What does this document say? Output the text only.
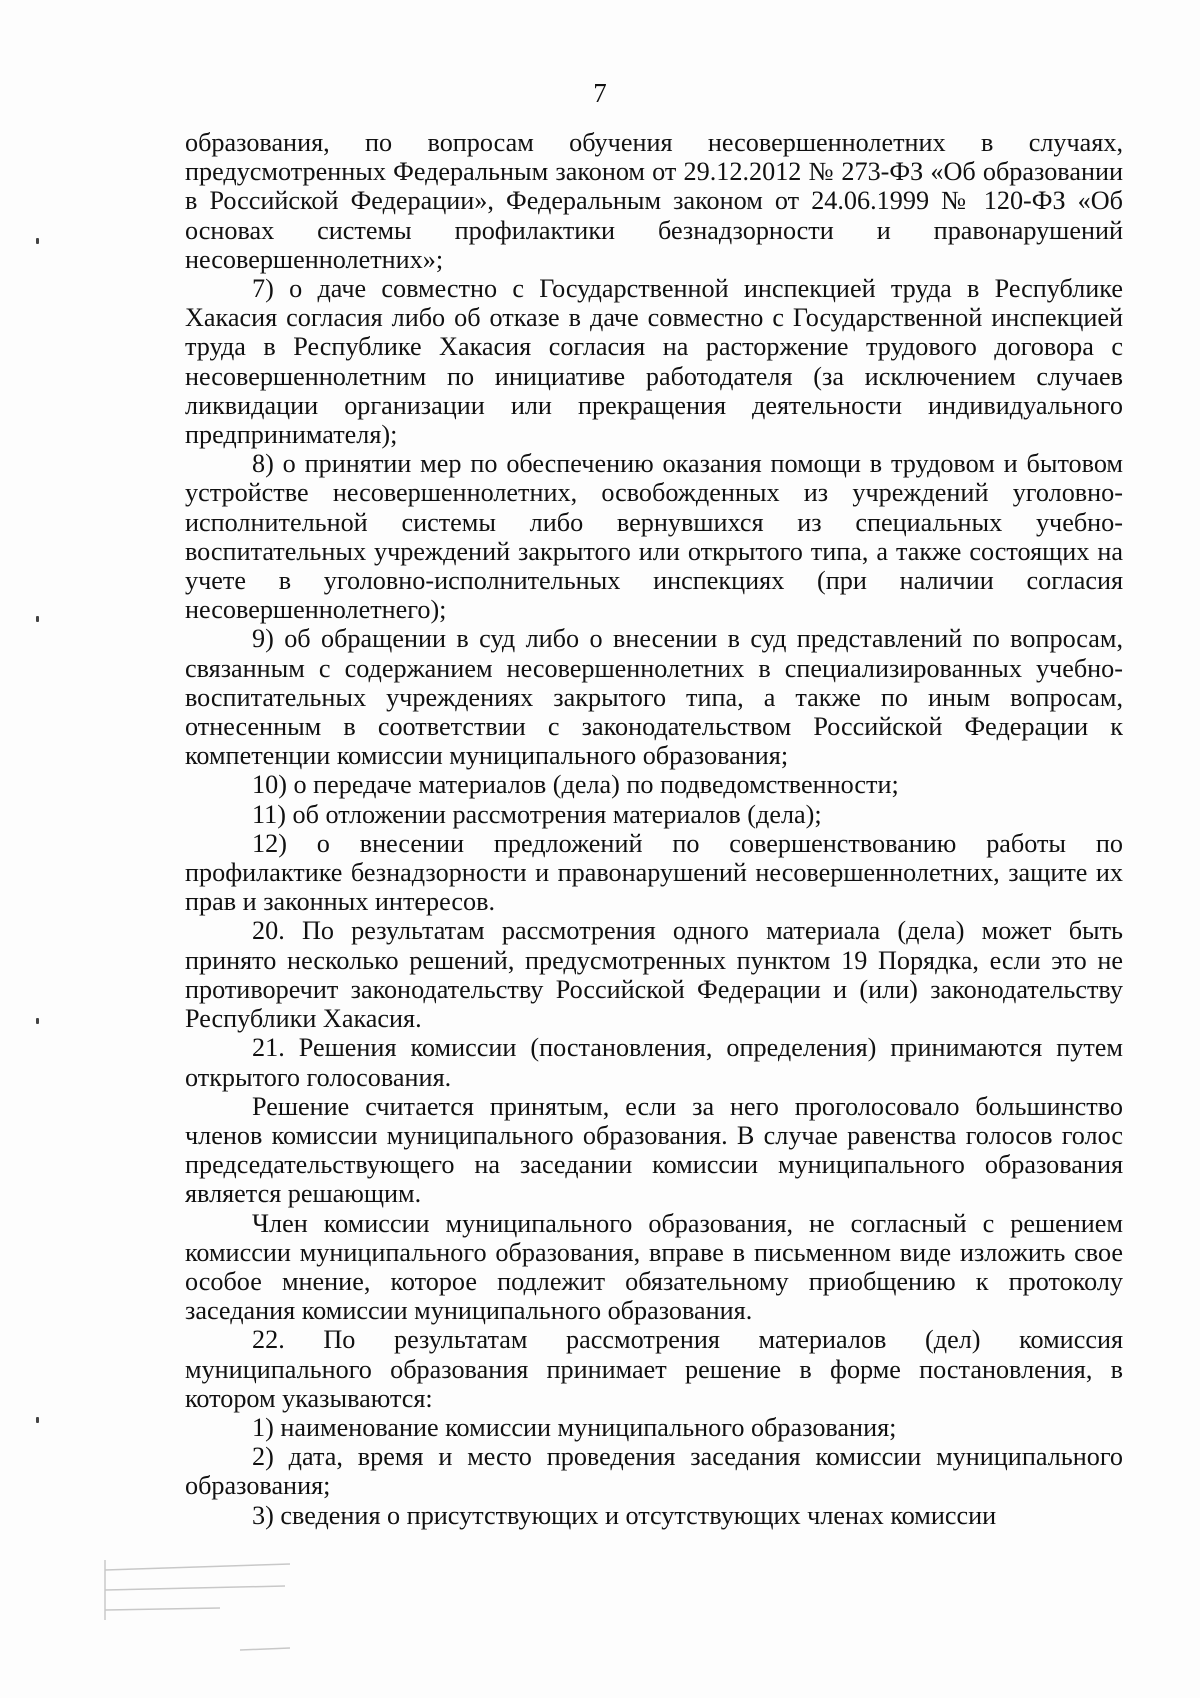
7

образования, по вопросам обучения несовершеннолетних в случаях, предусмотренных Федеральным законом от 29.12.2012 № 273-ФЗ «Об образовании в Российской Федерации», Федеральным законом от 24.06.1999 № 120-ФЗ «Об основах системы профилактики безнадзорности и правонарушений несовершеннолетних»;

7) о даче совместно с Государственной инспекцией труда в Республике Хакасия согласия либо об отказе в даче совместно с Государственной инспекцией труда в Республике Хакасия согласия на расторжение трудового договора с несовершеннолетним по инициативе работодателя (за исключением случаев ликвидации организации или прекращения деятельности индивидуального предпринимателя);

8) о принятии мер по обеспечению оказания помощи в трудовом и бытовом устройстве несовершеннолетних, освобожденных из учреждений уголовно-исполнительной системы либо вернувшихся из специальных учебно-воспитательных учреждений закрытого или открытого типа, а также состоящих на учете в уголовно-исполнительных инспекциях (при наличии согласия несовершеннолетнего);

9) об обращении в суд либо о внесении в суд представлений по вопросам, связанным с содержанием несовершеннолетних в специализированных учебно-воспитательных учреждениях закрытого типа, а также по иным вопросам, отнесенным в соответствии с законодательством Российской Федерации к компетенции комиссии муниципального образования;

10) о передаче материалов (дела) по подведомственности;

11) об отложении рассмотрения материалов (дела);

12) о внесении предложений по совершенствованию работы по профилактике безнадзорности и правонарушений несовершеннолетних, защите их прав и законных интересов.

20. По результатам рассмотрения одного материала (дела) может быть принято несколько решений, предусмотренных пунктом 19 Порядка, если это не противоречит законодательству Российской Федерации и (или) законодательству Республики Хакасия.

21. Решения комиссии (постановления, определения) принимаются путем открытого голосования.

Решение считается принятым, если за него проголосовало большинство членов комиссии муниципального образования. В случае равенства голосов голос председательствующего на заседании комиссии муниципального образования является решающим.

Член комиссии муниципального образования, не согласный с решением комиссии муниципального образования, вправе в письменном виде изложить свое особое мнение, которое подлежит обязательному приобщению к протоколу заседания комиссии муниципального образования.

22. По результатам рассмотрения материалов (дел) комиссия муниципального образования принимает решение в форме постановления, в котором указываются:

1) наименование комиссии муниципального образования;

2) дата, время и место проведения заседания комиссии муниципального образования;

3) сведения о присутствующих и отсутствующих членах комиссии
